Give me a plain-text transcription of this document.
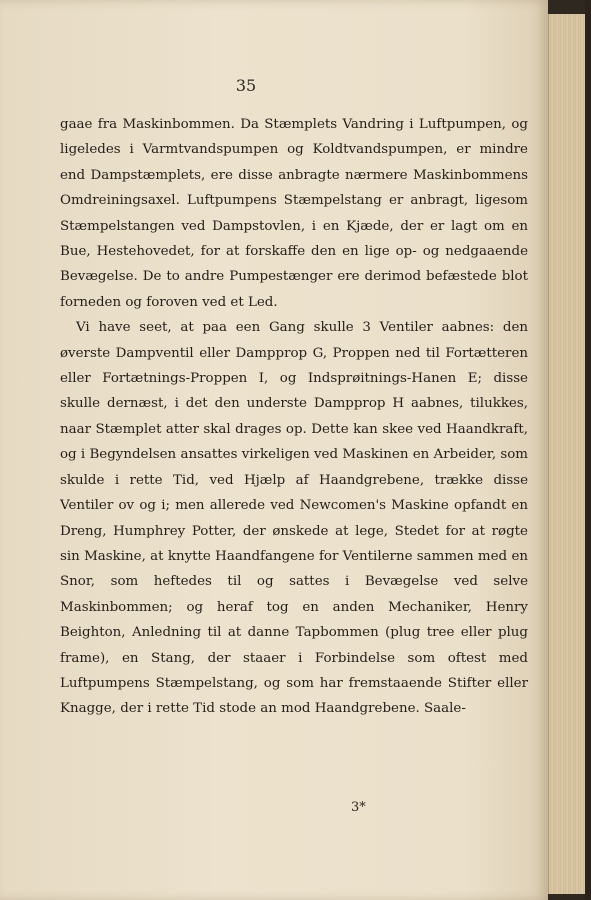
35

gaae fra Maskinbommen. Da Stæmplets Vandring i Luftpumpen, og ligeledes i Varmtvandspumpen og Koldtvandspumpen, er mindre end Dampstæmplets, ere disse anbragte nærmere Maskinbommens Omdreiningsaxel. Luftpumpens Stæmpelstang er anbragt, ligesom Stæmpelstangen ved Dampstovlen, i en Kjæde, der er lagt om en Bue, Hestehovedet, for at forskaffe den en lige op- og nedgaaende Bevægelse. De to andre Pumpestænger ere derimod befæstede blot forneden og foroven ved et Led.

Vi have seet, at paa een Gang skulle 3 Ventiler aabnes: den øverste Dampventil eller Dampprop G, Proppen ned til Fortætteren eller Fortætnings-Proppen I, og Indsprøitnings-Hanen E; disse skulle dernæst, i det den underste Dampprop H aabnes, tilukkes, naar Stæmplet atter skal drages op. Dette kan skee ved Haandkraft, og i Begyndelsen ansattes virkeligen ved Maskinen en Arbeider, som skulde i rette Tid, ved Hjælp af Haandgrebene, trække disse Ventiler ov og i; men allerede ved Newcomen's Maskine opfandt en Dreng, Humphrey Potter, der ønskede at lege, Stedet for at røgte sin Maskine, at knytte Haandfangene for Ventilerne sammen med en Snor, som heftedes til og sattes i Bevægelse ved selve Maskinbommen; og heraf tog en anden Mechaniker, Henry Beighton, Anledning til at danne Tapbommen (plug tree eller plug frame), en Stang, der staaer i Forbindelse som oftest med Luftpumpens Stæmpelstang, og som har fremstaaende Stifter eller Knagge, der i rette Tid stode an mod Haandgrebene. Saale-

3*
